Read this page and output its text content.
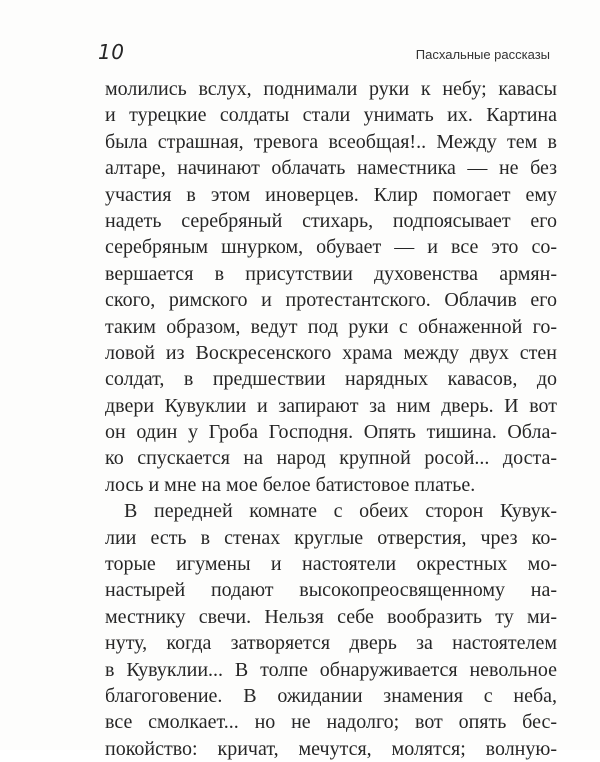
10	Пасхальные рассказы
молились вслух, поднимали руки к небу; кавасы
и турецкие солдаты стали унимать их. Картина
была страшная, тревога всеобщая!.. Между тем в
алтаре, начинают облачать наместника — не без
участия в этом иноверцев. Клир помогает ему
надеть серебряный стихарь, подпоясывает его
серебряным шнурком, обувает — и все это со-
вершается в присутствии духовенства армян-
ского, римского и протестантского. Облачив его
таким образом, ведут под руки с обнаженной го-
ловой из Воскресенского храма между двух стен
солдат, в предшествии нарядных кавасов, до
двери Кувуклии и запирают за ним дверь. И вот
он один у Гроба Господня. Опять тишина. Обла-
ко спускается на народ крупной росой... доста-
лось и мне на мое белое батистовое платье.
В передней комнате с обеих сторон Кувук-
лии есть в стенах круглые отверстия, чрез ко-
торые игумены и настоятели окрестных мо-
настырей подают высокопреосвященному на-
местнику свечи. Нельзя себе вообразить ту ми-
нуту, когда затворяется дверь за настоятелем
в Кувуклии... В толпе обнаруживается невольное
благоговение. В ожидании знамения с неба,
все смолкает... но не надолго; вот опять бес-
покойство: кричат, мечутся, молятся; волную-
